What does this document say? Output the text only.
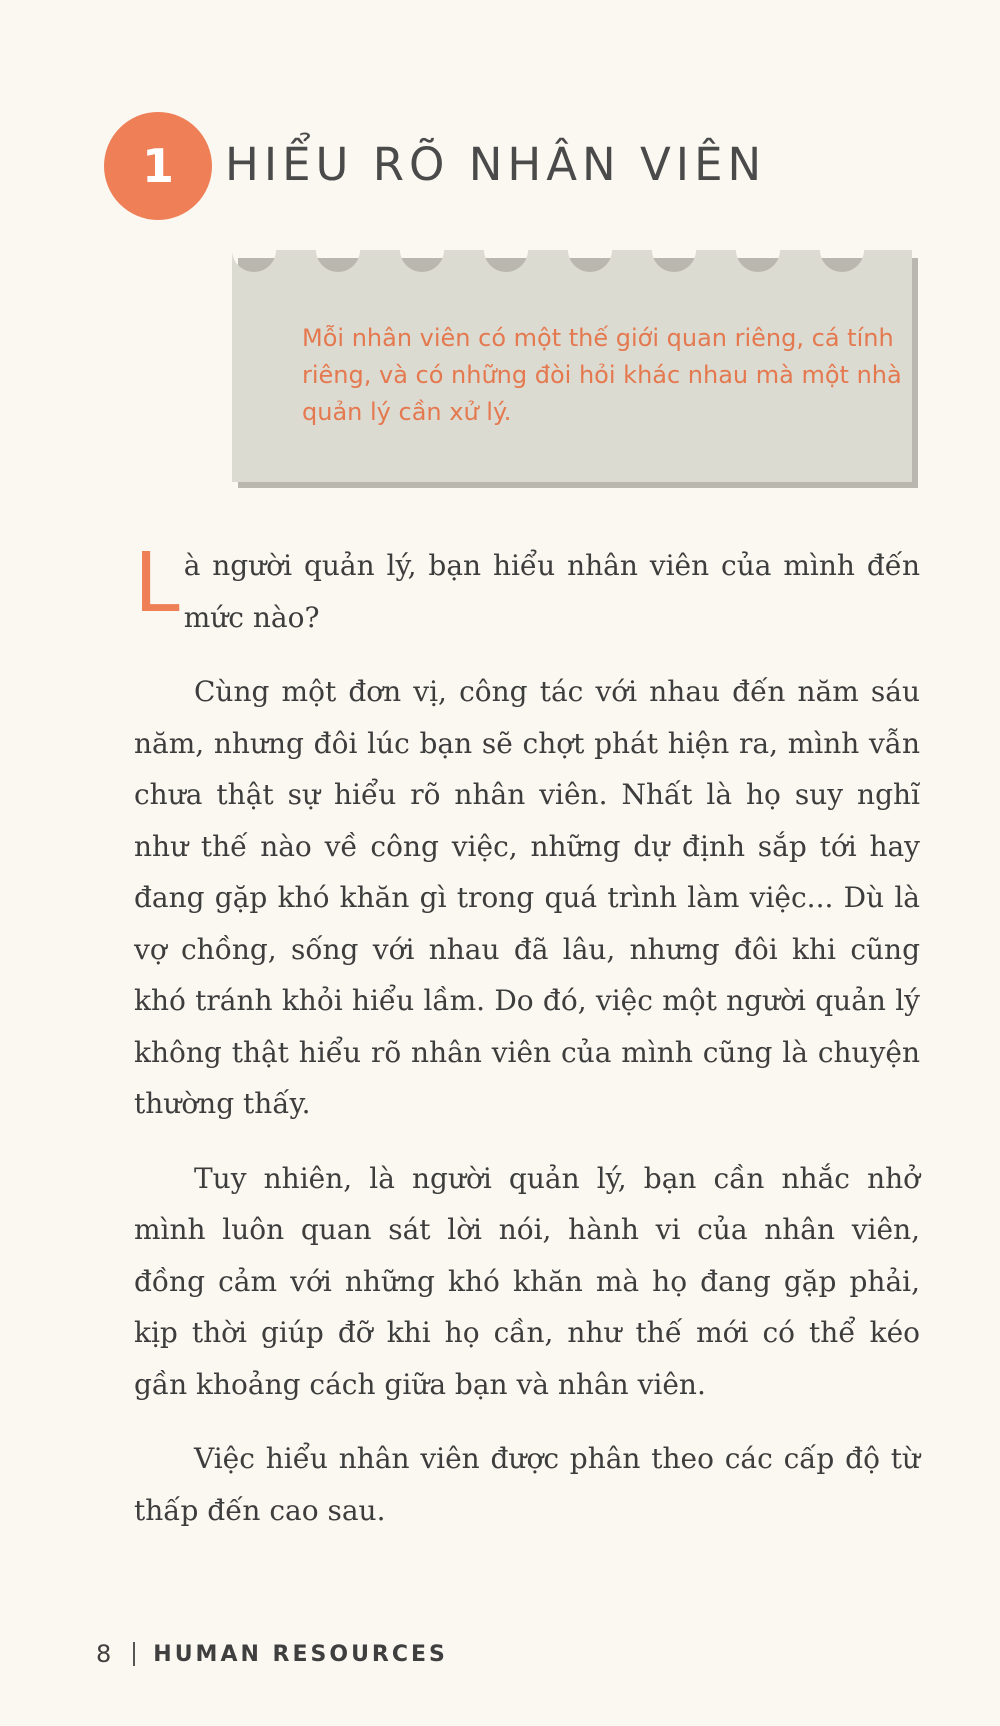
1 HIỂU RÕ NHÂN VIÊN
Mỗi nhân viên có một thế giới quan riêng, cá tính riêng, và có những đòi hỏi khác nhau mà một nhà quản lý cần xử lý.

Là người quản lý, bạn hiểu nhân viên của mình đến mức nào?

Cùng một đơn vị, công tác với nhau đến năm sáu năm, nhưng đôi lúc bạn sẽ chợt phát hiện ra, mình vẫn chưa thật sự hiểu rõ nhân viên. Nhất là họ suy nghĩ như thế nào về công việc, những dự định sắp tới hay đang gặp khó khăn gì trong quá trình làm việc... Dù là vợ chồng, sống với nhau đã lâu, nhưng đôi khi cũng khó tránh khỏi hiểu lầm. Do đó, việc một người quản lý không thật hiểu rõ nhân viên của mình cũng là chuyện thường thấy.

Tuy nhiên, là người quản lý, bạn cần nhắc nhở mình luôn quan sát lời nói, hành vi của nhân viên, đồng cảm với những khó khăn mà họ đang gặp phải, kịp thời giúp đỡ khi họ cần, như thế mới có thể kéo gần khoảng cách giữa bạn và nhân viên.

Việc hiểu nhân viên được phân theo các cấp độ từ thấp đến cao sau.

8 HUMAN RESOURCES
